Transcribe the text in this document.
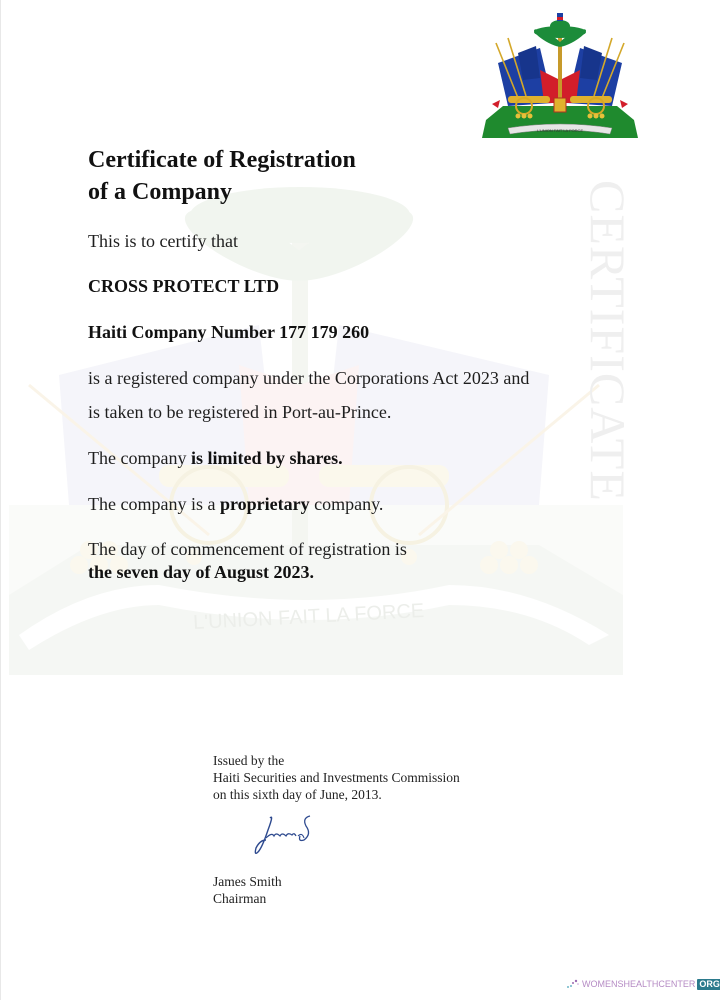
L'UNION FAIT LA FORCE
CERTIFICATE
L'UNION FAIT LA FORCE
Certificate of Registration
of a Company

This is to certify that

CROSS PROTECT LTD

Haiti Company Number 177 179 260

is a registered company under the Corporations Act 2023 and

is taken to be registered in Port-au-Prince.

The company is limited by shares.

The company is a proprietary company.

The day of commencement of registration is

the seven day of August 2023.

Issued by the
Haiti Securities and Investments Commission
on this sixth day of June, 2013.
James Smith
Chairman
WOMENSHEALTHCENTER ORG
